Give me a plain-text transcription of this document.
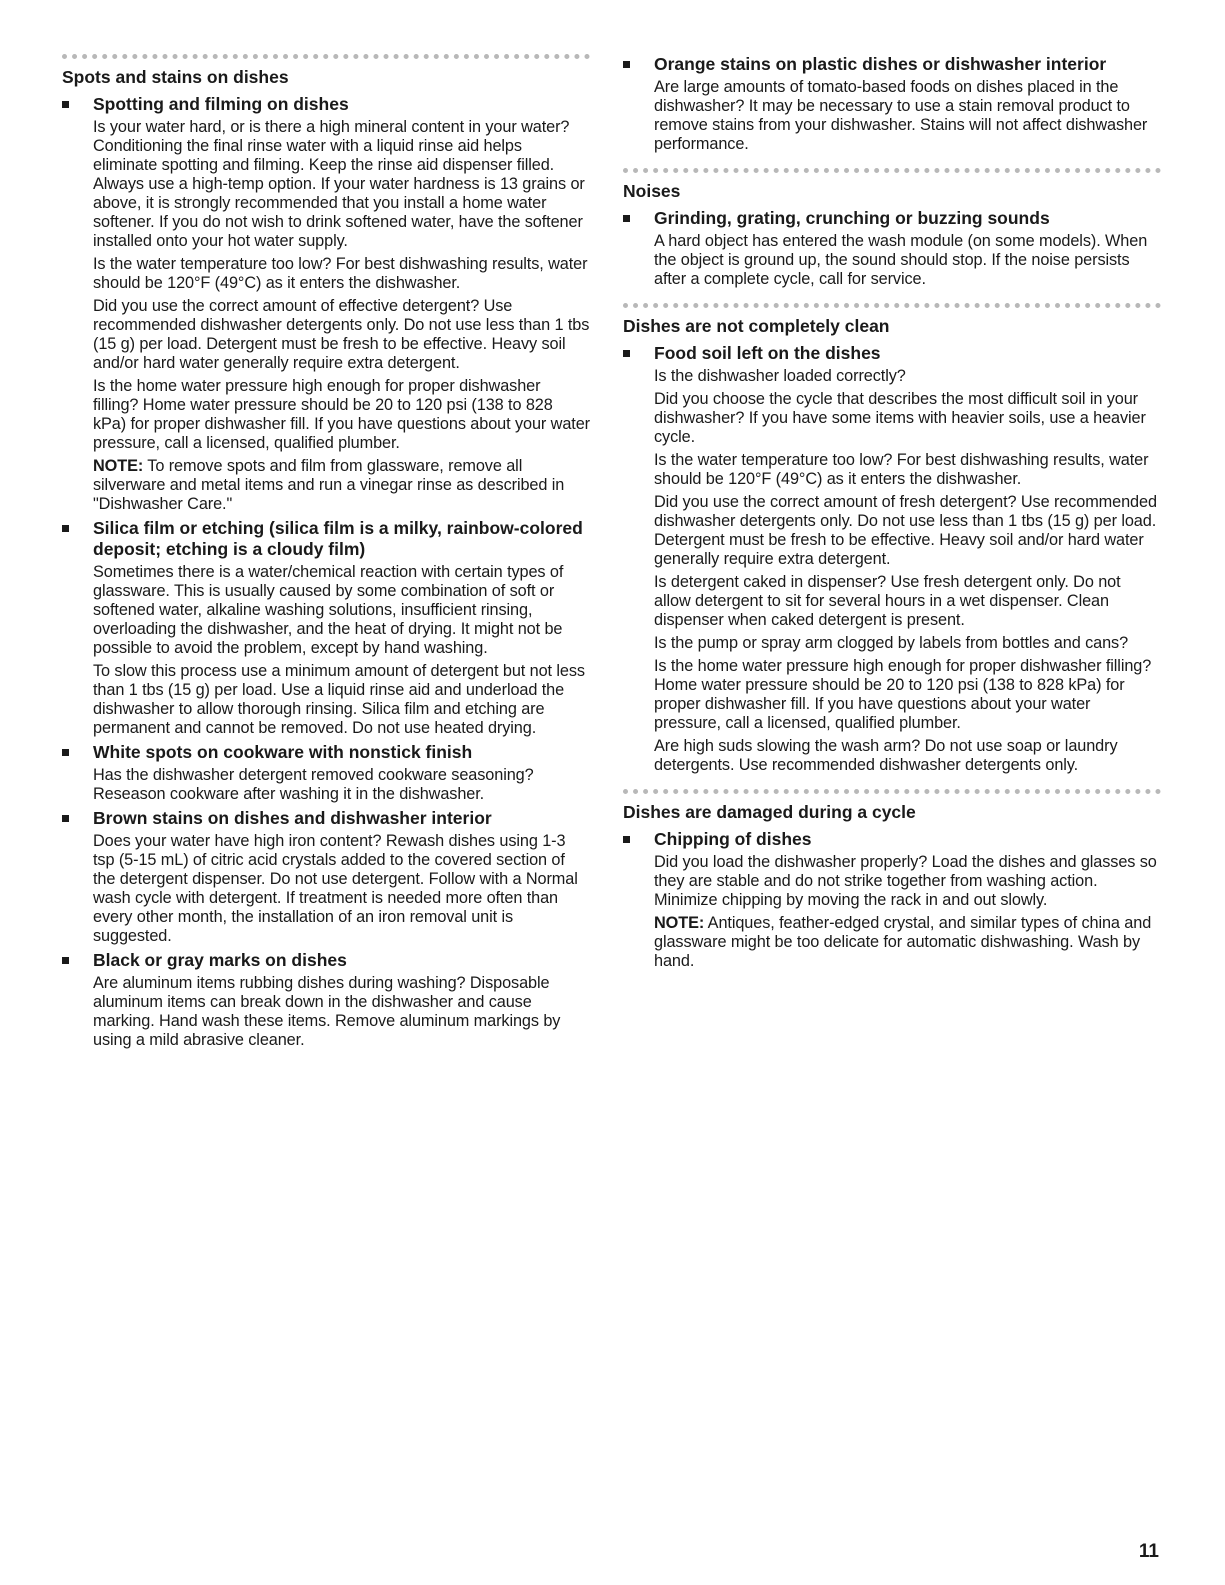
Spots and stains on dishes
Spotting and filming on dishes

Is your water hard, or is there a high mineral content in your water? Conditioning the final rinse water with a liquid rinse aid helps eliminate spotting and filming. Keep the rinse aid dispenser filled. Always use a high-temp option. If your water hardness is 13 grains or above, it is strongly recommended that you install a home water softener. If you do not wish to drink softened water, have the softener installed onto your hot water supply.

Is the water temperature too low? For best dishwashing results, water should be 120°F (49°C) as it enters the dishwasher.

Did you use the correct amount of effective detergent? Use recommended dishwasher detergents only. Do not use less than 1 tbs (15 g) per load. Detergent must be fresh to be effective. Heavy soil and/or hard water generally require extra detergent.

Is the home water pressure high enough for proper dishwasher filling? Home water pressure should be 20 to 120 psi (138 to 828 kPa) for proper dishwasher fill. If you have questions about your water pressure, call a licensed, qualified plumber.

NOTE: To remove spots and film from glassware, remove all silverware and metal items and run a vinegar rinse as described in "Dishwasher Care."

Silica film or etching (silica film is a milky, rainbow-colored deposit; etching is a cloudy film)

Sometimes there is a water/chemical reaction with certain types of glassware. This is usually caused by some combination of soft or softened water, alkaline washing solutions, insufficient rinsing, overloading the dishwasher, and the heat of drying. It might not be possible to avoid the problem, except by hand washing.

To slow this process use a minimum amount of detergent but not less than 1 tbs (15 g) per load. Use a liquid rinse aid and underload the dishwasher to allow thorough rinsing. Silica film and etching are permanent and cannot be removed. Do not use heated drying.

White spots on cookware with nonstick finish

Has the dishwasher detergent removed cookware seasoning? Reseason cookware after washing it in the dishwasher.

Brown stains on dishes and dishwasher interior

Does your water have high iron content? Rewash dishes using 1-3 tsp (5-15 mL) of citric acid crystals added to the covered section of the detergent dispenser. Do not use detergent. Follow with a Normal wash cycle with detergent. If treatment is needed more often than every other month, the installation of an iron removal unit is suggested.

Black or gray marks on dishes

Are aluminum items rubbing dishes during washing? Disposable aluminum items can break down in the dishwasher and cause marking. Hand wash these items. Remove aluminum markings by using a mild abrasive cleaner.

Orange stains on plastic dishes or dishwasher interior

Are large amounts of tomato-based foods on dishes placed in the dishwasher? It may be necessary to use a stain removal product to remove stains from your dishwasher. Stains will not affect dishwasher performance.

Noises
Grinding, grating, crunching or buzzing sounds

A hard object has entered the wash module (on some models). When the object is ground up, the sound should stop. If the noise persists after a complete cycle, call for service.

Dishes are not completely clean
Food soil left on the dishes

Is the dishwasher loaded correctly?

Did you choose the cycle that describes the most difficult soil in your dishwasher? If you have some items with heavier soils, use a heavier cycle.

Is the water temperature too low? For best dishwashing results, water should be 120°F (49°C) as it enters the dishwasher.

Did you use the correct amount of fresh detergent? Use recommended dishwasher detergents only. Do not use less than 1 tbs (15 g) per load. Detergent must be fresh to be effective. Heavy soil and/or hard water generally require extra detergent.

Is detergent caked in dispenser? Use fresh detergent only. Do not allow detergent to sit for several hours in a wet dispenser. Clean dispenser when caked detergent is present.

Is the pump or spray arm clogged by labels from bottles and cans?

Is the home water pressure high enough for proper dishwasher filling? Home water pressure should be 20 to 120 psi (138 to 828 kPa) for proper dishwasher fill. If you have questions about your water pressure, call a licensed, qualified plumber.

Are high suds slowing the wash arm? Do not use soap or laundry detergents. Use recommended dishwasher detergents only.

Dishes are damaged during a cycle
Chipping of dishes

Did you load the dishwasher properly? Load the dishes and glasses so they are stable and do not strike together from washing action. Minimize chipping by moving the rack in and out slowly.

NOTE: Antiques, feather-edged crystal, and similar types of china and glassware might be too delicate for automatic dishwashing. Wash by hand.

11
